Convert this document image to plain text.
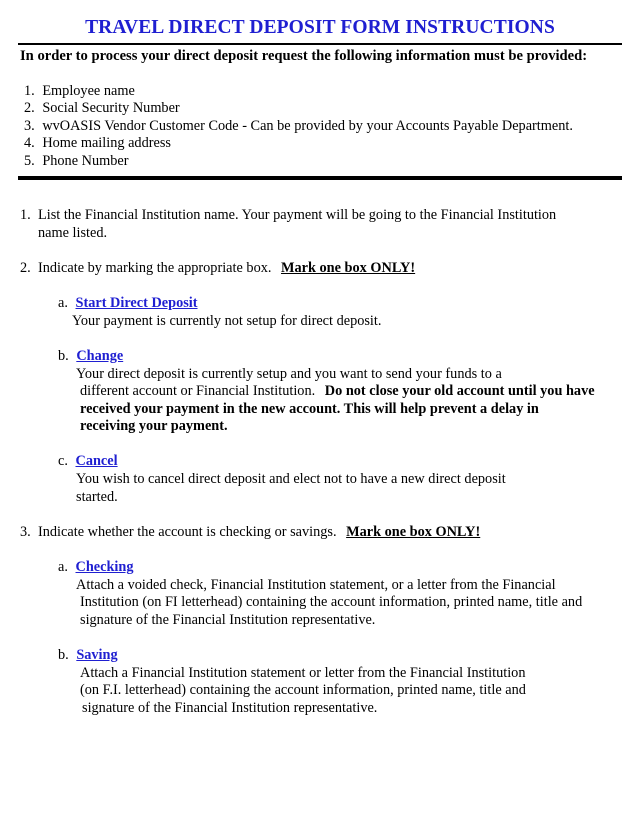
TRAVEL DIRECT DEPOSIT FORM INSTRUCTIONS
In order to process your direct deposit request the following information must be provided:
1. Employee name
2. Social Security Number
3. wvOASIS Vendor Customer Code - Can be provided by your Accounts Payable Department.
4. Home mailing address
5. Phone Number
1. List the Financial Institution name. Your payment will be going to the Financial Institution
name listed.
2. Indicate by marking the appropriate box. Mark one box ONLY!
a. Start Direct Deposit
Your payment is currently not setup for direct deposit.
b. Change
Your direct deposit is currently setup and you want to send your funds to a
different account or Financial Institution. Do not close your old account until you have
received your payment in the new account. This will help prevent a delay in
receiving your payment.
c. Cancel
You wish to cancel direct deposit and elect not to have a new direct deposit
started.
3. Indicate whether the account is checking or savings. Mark one box ONLY!
a. Checking
Attach a voided check, Financial Institution statement, or a letter from the Financial
Institution (on FI letterhead) containing the account information, printed name, title and
signature of the Financial Institution representative.
b. Saving
Attach a Financial Institution statement or letter from the Financial Institution
(on F.I. letterhead) containing the account information, printed name, title and
signature of the Financial Institution representative.
